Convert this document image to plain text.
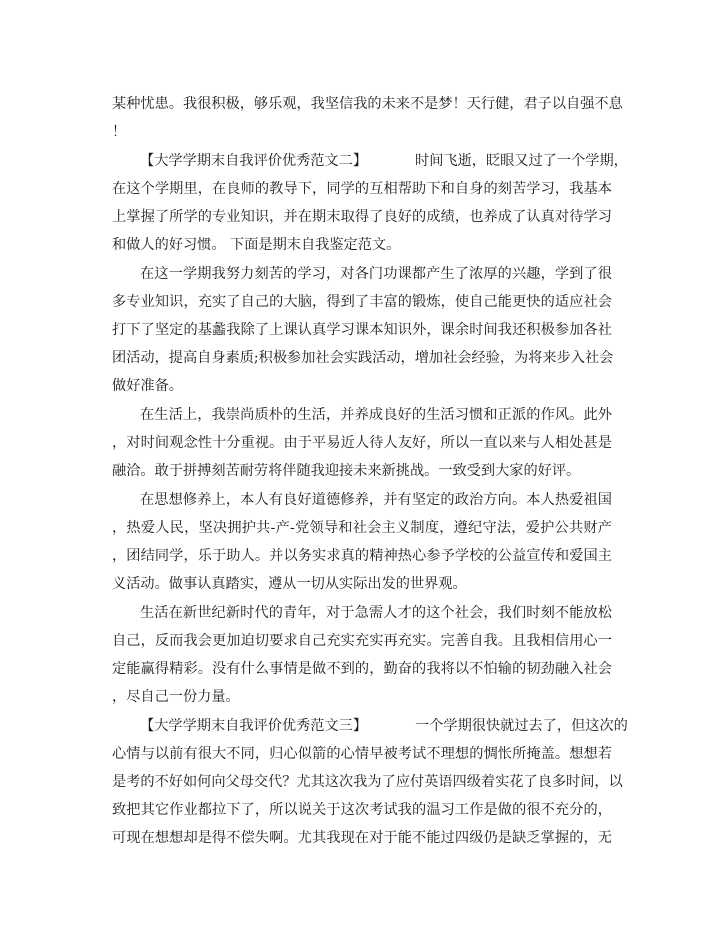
某种忧患。我很积极，够乐观，我坚信我的未来不是梦！天行健，君子以自强不息
！
【大学学期末自我评价优秀范文二】	时间飞逝，眨眼又过了一个学期，
在这个学期里，在良师的教导下，同学的互相帮助下和自身的刻苦学习，我基本
上掌握了所学的专业知识，并在期末取得了良好的成绩，也养成了认真对待学习
和做人的好习惯。 下面是期末自我鉴定范文。
在这一学期我努力刻苦的学习，对各门功课都产生了浓厚的兴趣，学到了很
多专业知识，充实了自己的大脑，得到了丰富的锻炼，使自己能更快的适应社会
打下了坚定的基蠡我除了上课认真学习课本知识外，课余时间我还积极参加各社
团活动，提高自身素质;积极参加社会实践活动，增加社会经验，为将来步入社会
做好准备。
在生活上，我崇尚质朴的生活，并养成良好的生活习惯和正派的作风。此外
，对时间观念性十分重视。由于平易近人待人友好，所以一直以来与人相处甚是
融洽。敢于拼搏刻苦耐劳将伴随我迎接未来新挑战。一致受到大家的好评。
在思想修养上，本人有良好道德修养，并有坚定的政治方向。本人热爱祖国
，热爱人民，坚决拥护共-产-党领导和社会主义制度，遵纪守法，爱护公共财产
，团结同学，乐于助人。并以务实求真的精神热心参予学校的公益宣传和爱国主
义活动。做事认真踏实，遵从一切从实际出发的世界观。
生活在新世纪新时代的青年，对于急需人才的这个社会，我们时刻不能放松
自己，反而我会更加迫切要求自己充实充实再充实。完善自我。且我相信用心一
定能赢得精彩。没有什么事情是做不到的，勤奋的我将以不怕输的韧劲融入社会
，尽自己一份力量。
【大学学期末自我评价优秀范文三】	一个学期很快就过去了，但这次的
心情与以前有很大不同，归心似箭的心情早被考试不理想的惆怅所掩盖。想想若
是考的不好如何向父母交代？尤其这次我为了应付英语四级着实花了良多时间，以
致把其它作业都拉下了，所以说关于这次考试我的温习工作是做的很不充分的，
可现在想想却是得不偿失啊。尤其我现在对于能不能过四级仍是缺乏掌握的，无
